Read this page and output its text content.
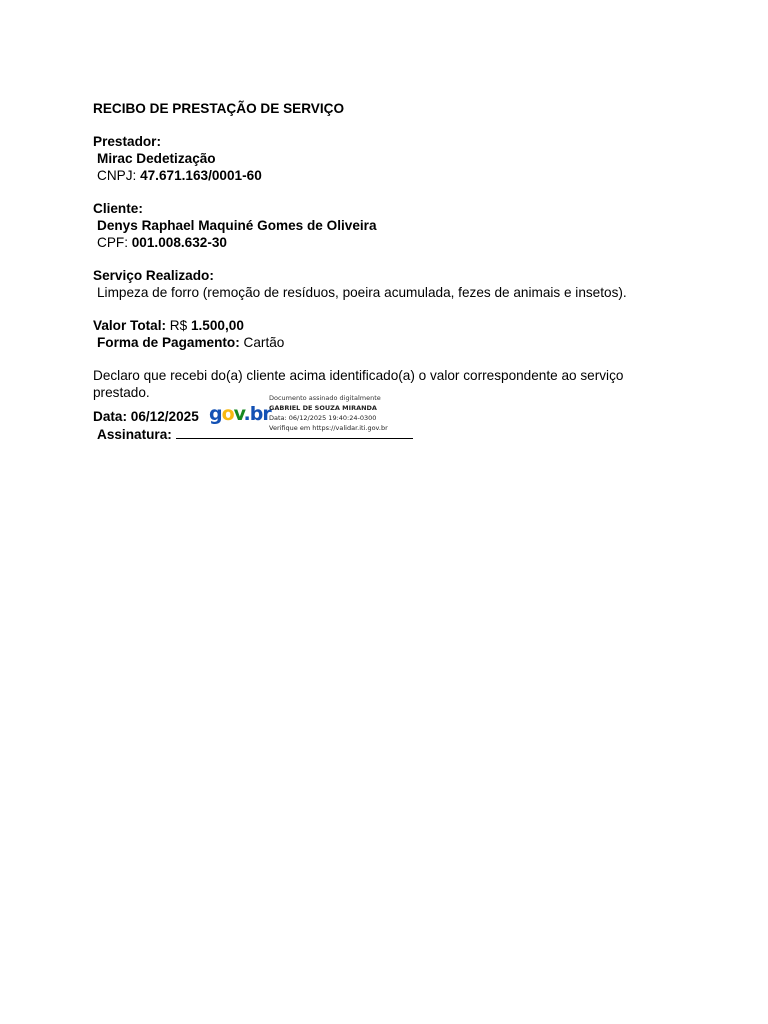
RECIBO DE PRESTAÇÃO DE SERVIÇO
Prestador:
Mirac Dedetização
CNPJ: 47.671.163/0001-60
Cliente:
Denys Raphael Maquiné Gomes de Oliveira
CPF: 001.008.632-30
Serviço Realizado:
Limpeza de forro (remoção de resíduos, poeira acumulada, fezes de animais e insetos).
Valor Total: R$ 1.500,00
Forma de Pagamento: Cartão
Declaro que recebi do(a) cliente acima identificado(a) o valor correspondente ao serviço prestado.
Data: 06/12/2025
Assinatura:
gov.br
Documento assinado digitalmente
GABRIEL DE SOUZA MIRANDA
Data: 06/12/2025 19:40:24-0300
Verifique em https://validar.iti.gov.br
